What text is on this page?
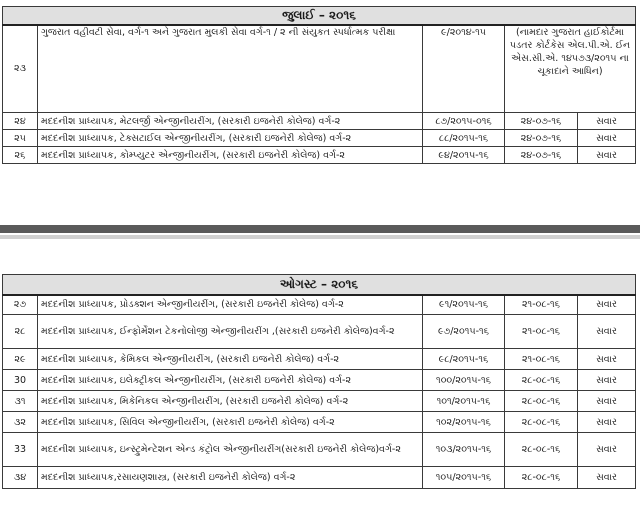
જુલાઈ – ૨૦૧૬				
૨૩	ગુજરાત વહીવટી સેવા, વર્ગ-૧ અને ગુજરાત મુલકી સેવા વર્ગ-૧ / ૨ ની સંયુકત સ્પર્ધાત્મક પરીક્ષા	૯/૨૦૧૪-૧૫	(નામદાર ગુજરાત હાઈકોર્ટમા પડતર કોર્ટકેસ એલ.પી.એ. ઈન એસ.સી.એ. ૧૪૫૭૩/૨૦૧૫ ના ચૂકાદાને આધિન)	
૨૪	મદદનીશ પ્રાધ્યાપક, મેટલર્જી એન્જીનીયરીંગ, (સરકારી ઇજનેરી કોલેજ) વર્ગ-૨	૮૭/૨૦૧૫-૦૧૬	૨૪-૦૭-૧૬	સવાર
૨૫	મદદનીશ પ્રાધ્યાપક, ટેક્સટાઈલ એન્જીનીયરીંગ, (સરકારી ઇજનેરી કોલેજ) વર્ગ-૨	૮૮/૨૦૧૫-૧૬	૨૪-૦૭-૧૬	સવાર
૨૬	મદદનીશ પ્રાધ્યાપક, કોમ્પ્યુટર એન્જીનીયરીંગ, (સરકારી ઇજનેરી કોલેજ) વર્ગ-૨	૯૪/૨૦૧૫-૧૬	૨૪-૦૭-૧૬	સવાર
ઓગસ્ટ – ૨૦૧૬				
૨૭	મદદનીશ પ્રાધ્યાપક, પ્રોડક્શન એન્જીનીયરીંગ, (સરકારી ઇજનેરી કોલેજ) વર્ગ-૨	૯૧/૨૦૧૫-૧૬	૨૧-૦૮-૧૬	સવાર
૨૮	મદદનીશ પ્રાધ્યાપક, ઈન્ફોર્મેશન ટેકનોલોજી એન્જીનીયરીંગ ,(સરકારી ઇજનેરી કોલેજ)વર્ગ-૨	૯૭/૨૦૧૫-૧૬	૨૧-૦૮-૧૬	સવાર
૨૯	મદદનીશ પ્રાધ્યાપક, કેમિકલ એન્જીનીયરીંગ, (સરકારી ઇજનેરી કોલેજ) વર્ગ-૨	૯૮/૨૦૧૫-૧૬	૨૧-૦૮-૧૬	સવાર
30	મદદનીશ પ્રાધ્યાપક, ઇલેક્ટ્રીકલ એન્જીનીયરીંગ, (સરકારી ઇજનેરી કોલેજ) વર્ગ-૨	૧૦૦/૨૦૧૫-૧૬	૨૮-૦૮-૧૬	સવાર
૩૧	મદદનીશ પ્રાધ્યાપક, મિકેનિકલ એન્જીનીયરીંગ, (સરકારી ઇજનેરી કોલેજ) વર્ગ-૨	૧૦૧/૨૦૧૫-૧૬	૨૮-૦૮-૧૬	સવાર
૩૨	મદદનીશ પ્રાધ્યાપક, સિવિલ એન્જીનીયરીંગ, (સરકારી ઇજનેરી કોલેજ) વર્ગ-૨	૧૦૨/૨૦૧૫-૧૬	૨૮-૦૮-૧૬	સવાર
33	મદદનીશ પ્રાધ્યાપક, ઇન્સ્ટ્રુમેન્ટેશન એન્ડ કંટ્રોલ એન્જીનીયરીંગ(સરકારી ઇજનેરી કોલેજ)વર્ગ-૨	૧૦૩/૨૦૧૫-૧૬	૨૮-૦૮-૧૬	સવાર
૩૪	મદદનીશ પ્રાધ્યાપક,રસાયણશાસ્ત્ર, (સરકારી ઇજનેરી કોલેજ) વર્ગ-૨	૧૦૫/૨૦૧૫-૧૬	૨૮-૦૮-૧૬	સવાર
